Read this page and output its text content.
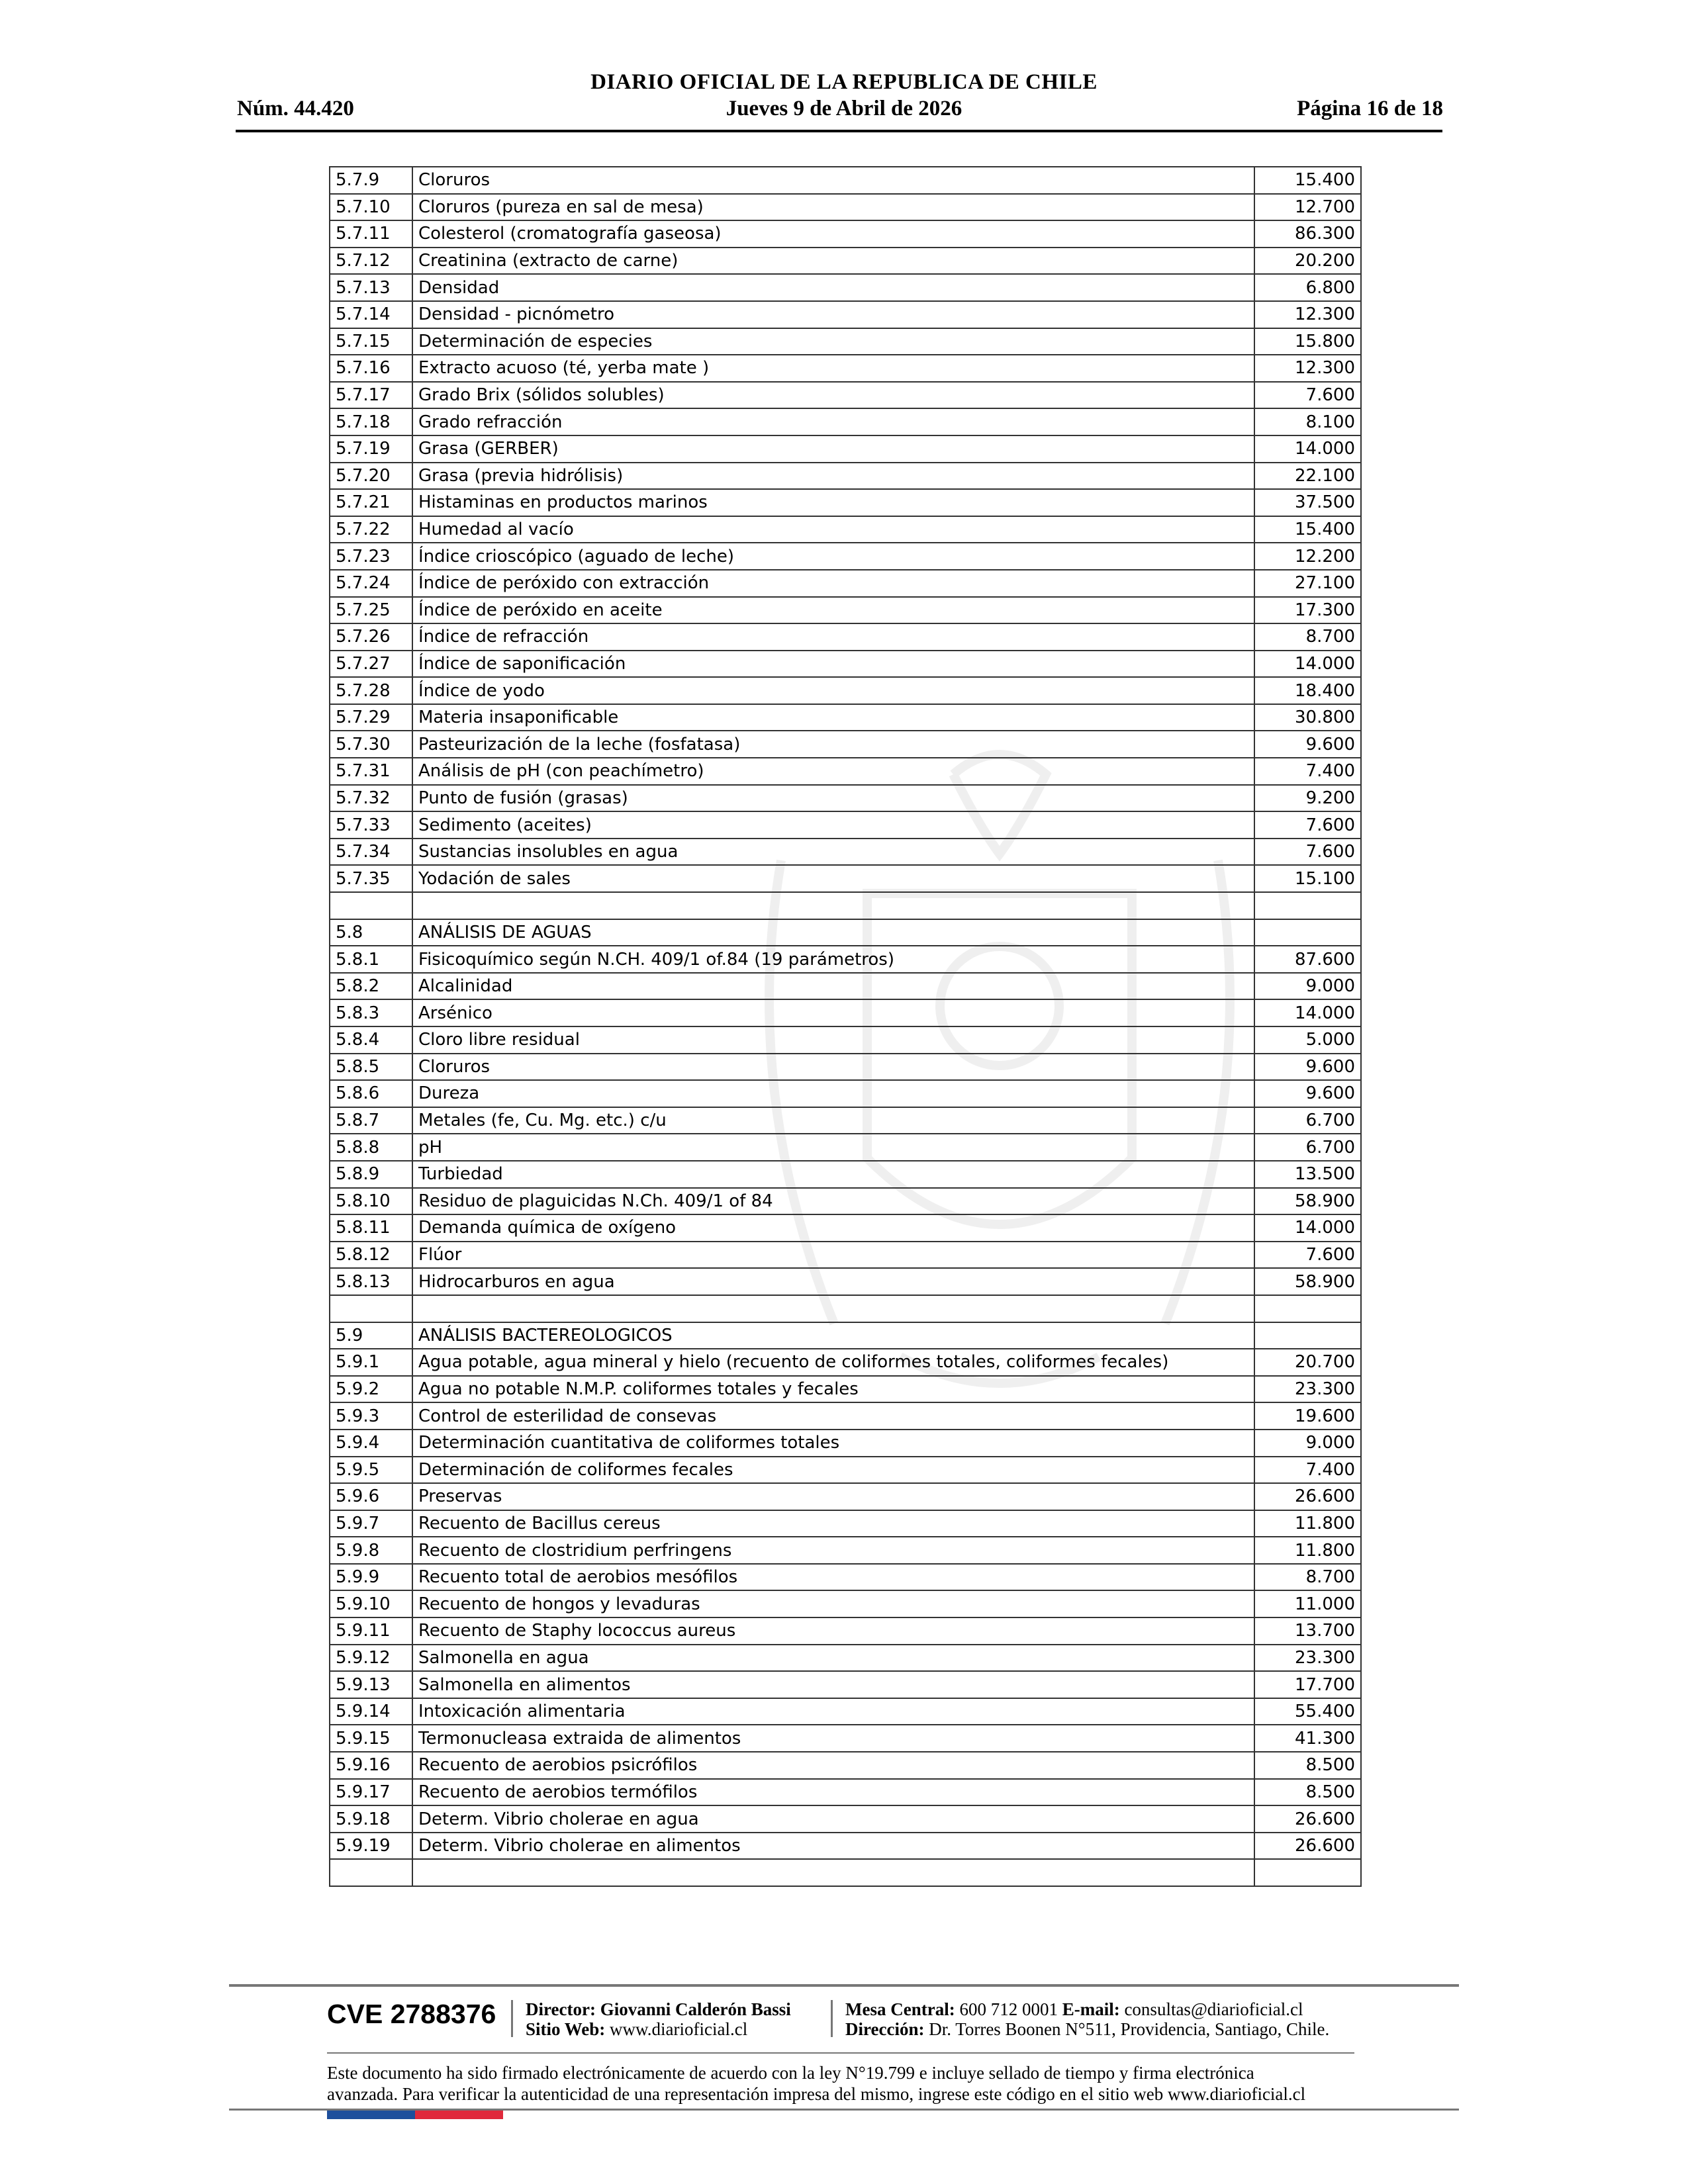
DIARIO OFICIAL DE LA REPUBLICA DE CHILE
Núm. 44.420	Jueves 9 de Abril de 2026	Página 16 de 18
5.7.9	Cloruros	15.400
5.7.10	Cloruros (pureza en sal de mesa)	12.700
5.7.11	Colesterol (cromatografía gaseosa)	86.300
5.7.12	Creatinina (extracto de carne)	20.200
5.7.13	Densidad	6.800
5.7.14	Densidad - picnómetro	12.300
5.7.15	Determinación de especies	15.800
5.7.16	Extracto acuoso (té, yerba mate )	12.300
5.7.17	Grado Brix (sólidos solubles)	7.600
5.7.18	Grado refracción	8.100
5.7.19	Grasa (GERBER)	14.000
5.7.20	Grasa (previa hidrólisis)	22.100
5.7.21	Histaminas en productos marinos	37.500
5.7.22	Humedad al vacío	15.400
5.7.23	Índice crioscópico (aguado de leche)	12.200
5.7.24	Índice de peróxido con extracción	27.100
5.7.25	Índice de peróxido en aceite	17.300
5.7.26	Índice de refracción	8.700
5.7.27	Índice de saponificación	14.000
5.7.28	Índice de yodo	18.400
5.7.29	Materia insaponificable	30.800
5.7.30	Pasteurización de la leche (fosfatasa)	9.600
5.7.31	Análisis de pH (con peachímetro)	7.400
5.7.32	Punto de fusión (grasas)	9.200
5.7.33	Sedimento (aceites)	7.600
5.7.34	Sustancias insolubles en agua	7.600
5.7.35	Yodación de sales	15.100

5.8	ANÁLISIS DE AGUAS	
5.8.1	Fisicoquímico según N.CH. 409/1 of.84 (19 parámetros)	87.600
5.8.2	Alcalinidad	9.000
5.8.3	Arsénico	14.000
5.8.4	Cloro libre residual	5.000
5.8.5	Cloruros	9.600
5.8.6	Dureza	9.600
5.8.7	Metales (fe, Cu. Mg. etc.) c/u	6.700
5.8.8	pH	6.700
5.8.9	Turbiedad	13.500
5.8.10	Residuo de plaguicidas N.Ch. 409/1 of 84	58.900
5.8.11	Demanda química de oxígeno	14.000
5.8.12	Flúor	7.600
5.8.13	Hidrocarburos en agua	58.900

5.9	ANÁLISIS BACTEREOLOGICOS	
5.9.1	Agua potable, agua mineral y hielo (recuento de coliformes totales, coliformes fecales)	20.700
5.9.2	Agua no potable N.M.P. coliformes totales y fecales	23.300
5.9.3	Control de esterilidad de consevas	19.600
5.9.4	Determinación cuantitativa de coliformes totales	9.000
5.9.5	Determinación de coliformes fecales	7.400
5.9.6	Preservas	26.600
5.9.7	Recuento de Bacillus cereus	11.800
5.9.8	Recuento de clostridium perfringens	11.800
5.9.9	Recuento total de aerobios mesófilos	8.700
5.9.10	Recuento de hongos y levaduras	11.000
5.9.11	Recuento de Staphy lococcus aureus	13.700
5.9.12	Salmonella en agua	23.300
5.9.13	Salmonella en alimentos	17.700
5.9.14	Intoxicación alimentaria	55.400
5.9.15	Termonucleasa extraida de alimentos	41.300
5.9.16	Recuento de aerobios psicrófilos	8.500
5.9.17	Recuento de aerobios termófilos	8.500
5.9.18	Determ. Vibrio cholerae en agua	26.600
5.9.19	Determ. Vibrio cholerae en alimentos	26.600

CVE 2788376 Director: Giovanni Calderón Bassi
Sitio Web: www.diarioficial.cl
Mesa Central: 600 712 0001 E-mail: consultas@diarioficial.cl
Dirección: Dr. Torres Boonen N°511, Providencia, Santiago, Chile.
Este documento ha sido firmado electrónicamente de acuerdo con la ley N°19.799 e incluye sellado de tiempo y firma electrónica
avanzada. Para verificar la autenticidad de una representación impresa del mismo, ingrese este código en el sitio web www.diarioficial.cl
